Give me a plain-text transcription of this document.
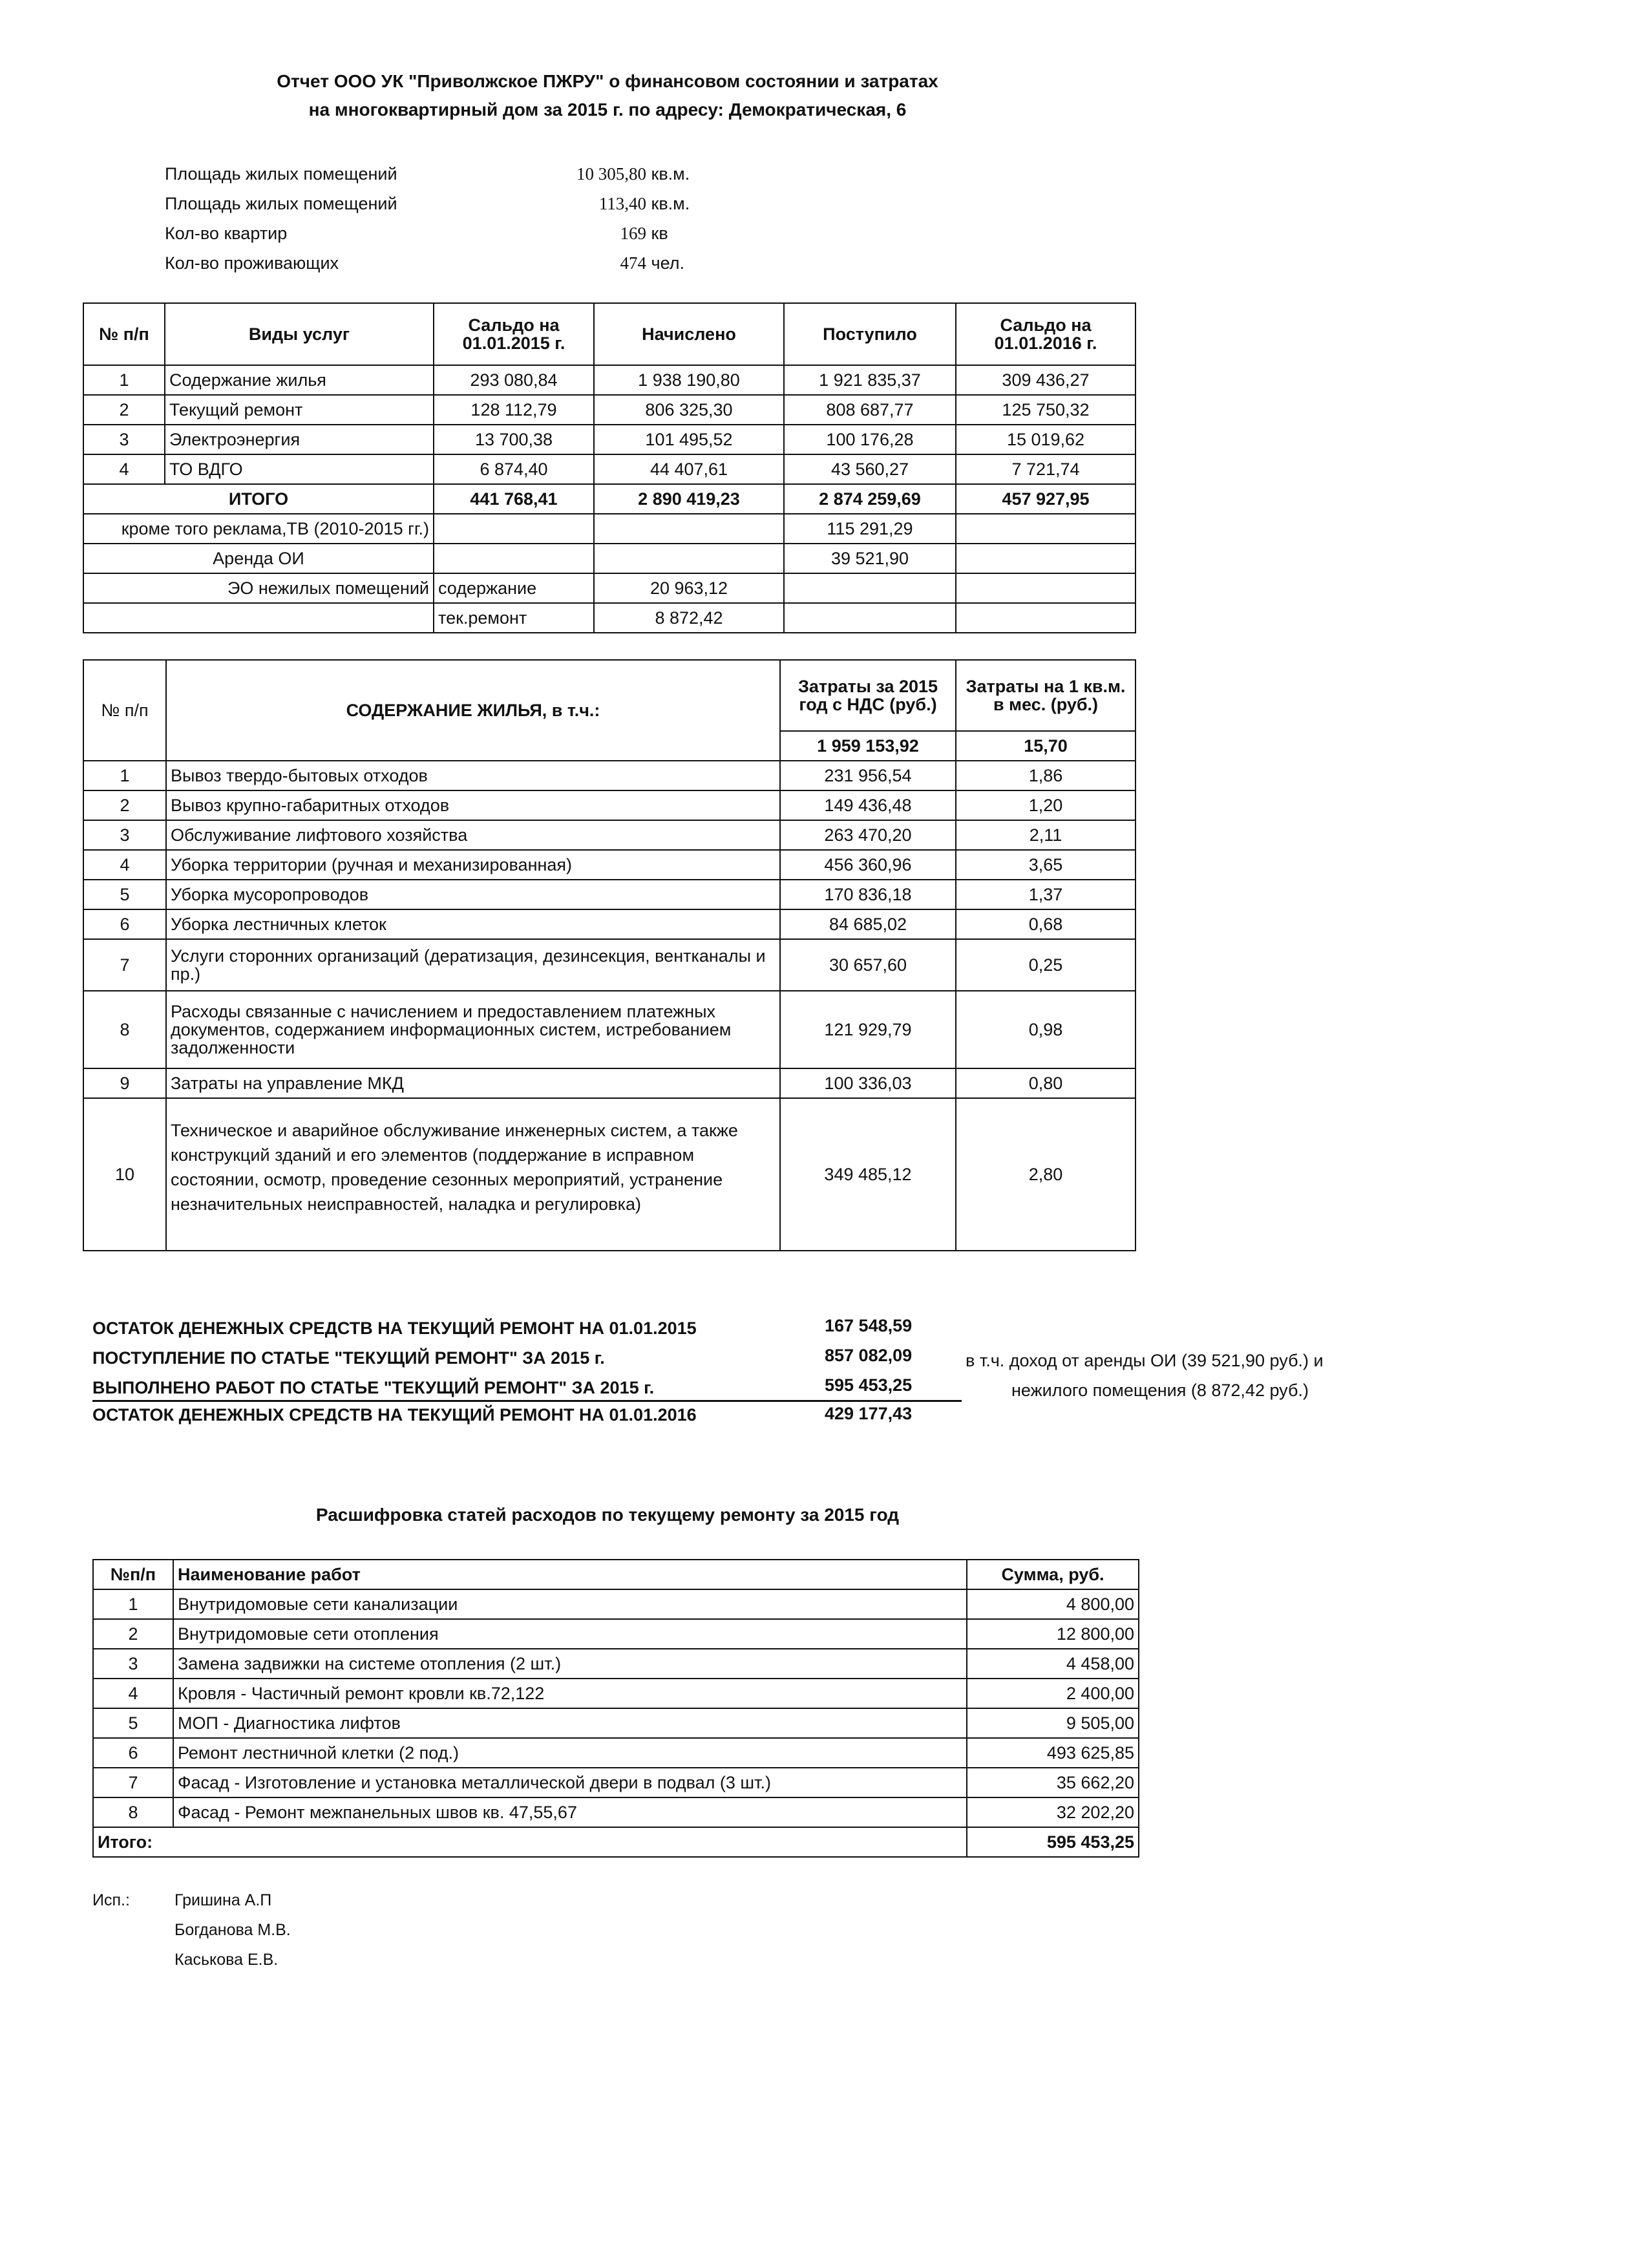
Отчет ООО УК "Приволжское ПЖРУ" о финансовом состоянии и затратах
на многоквартирный дом за 2015 г. по адресу: Демократическая, 6
Площадь жилых помещений	10 305,80 кв.м.
Площадь жилых помещений	113,40 кв.м.
Кол-во квартир	169 кв
Кол-во проживающих	474 чел.
№ п/п	Виды услуг	Сальдо на 01.01.2015 г.	Начислено	Поступило	Сальдо на 01.01.2016 г.
1	Содержание жилья	293 080,84	1 938 190,80	1 921 835,37	309 436,27
2	Текущий ремонт	128 112,79	806 325,30	808 687,77	125 750,32
3	Электроэнергия	13 700,38	101 495,52	100 176,28	15 019,62
4	ТО ВДГО	6 874,40	44 407,61	43 560,27	7 721,74
ИТОГО		441 768,41	2 890 419,23	2 874 259,69	457 927,95
кроме того реклама,ТВ (2010-2015 гг.)				115 291,29	
Аренда ОИ				39 521,90	
ЭО нежилых помещений		содержание	20 963,12		
		тек.ремонт	8 872,42		
№ п/п	СОДЕРЖАНИЕ ЖИЛЬЯ, в т.ч.:	Затраты за 2015 год с НДС (руб.)	Затраты на 1 кв.м. в мес. (руб.)
		1 959 153,92	15,70
1	Вывоз твердо-бытовых отходов	231 956,54	1,86
2	Вывоз крупно-габаритных отходов	149 436,48	1,20
3	Обслуживание лифтового хозяйства	263 470,20	2,11
4	Уборка территории (ручная и механизированная)	456 360,96	3,65
5	Уборка мусоропроводов	170 836,18	1,37
6	Уборка лестничных клеток	84 685,02	0,68
7	Услуги сторонних организаций (дератизация, дезинсекция, вентканалы и пр.)	30 657,60	0,25
8	Расходы связанные с начислением и предоставлением платежных документов, содержанием информационных систем, истребованием задолженности	121 929,79	0,98
9	Затраты на управление МКД	100 336,03	0,80
10	Техническое и аварийное обслуживание инженерных систем, а также конструкций зданий и его элементов (поддержание в исправном состоянии, осмотр, проведение сезонных мероприятий, устранение незначительных неисправностей, наладка и регулировка)	349 485,12	2,80
ОСТАТОК ДЕНЕЖНЫХ СРЕДСТВ НА ТЕКУЩИЙ РЕМОНТ НА 01.01.2015	167 548,59
ПОСТУПЛЕНИЕ ПО СТАТЬЕ "ТЕКУЩИЙ РЕМОНТ" ЗА 2015 г.	857 082,09
ВЫПОЛНЕНО РАБОТ ПО СТАТЬЕ "ТЕКУЩИЙ РЕМОНТ" ЗА 2015 г.	595 453,25
ОСТАТОК ДЕНЕЖНЫХ СРЕДСТВ НА ТЕКУЩИЙ РЕМОНТ НА 01.01.2016	429 177,43
в т.ч. доход от аренды ОИ (39 521,90 руб.) и
нежилого помещения (8 872,42 руб.)
Расшифровка статей расходов по текущему ремонту за 2015 год
№п/п	Наименование работ	Сумма, руб.
1	Внутридомовые сети канализации	4 800,00
2	Внутридомовые сети отопления	12 800,00
3	Замена задвижки на системе отопления (2 шт.)	4 458,00
4	Кровля - Частичный ремонт кровли кв.72,122	2 400,00
5	МОП - Диагностика лифтов	9 505,00
6	Ремонт лестничной клетки (2 под.)	493 625,85
7	Фасад - Изготовление и установка металлической двери в подвал (3 шт.)	35 662,20
8	Фасад - Ремонт межпанельных швов кв. 47,55,67	32 202,20
Итого:		595 453,25
Исп.:	Гришина А.П
Богданова М.В.
Каськова Е.В.
